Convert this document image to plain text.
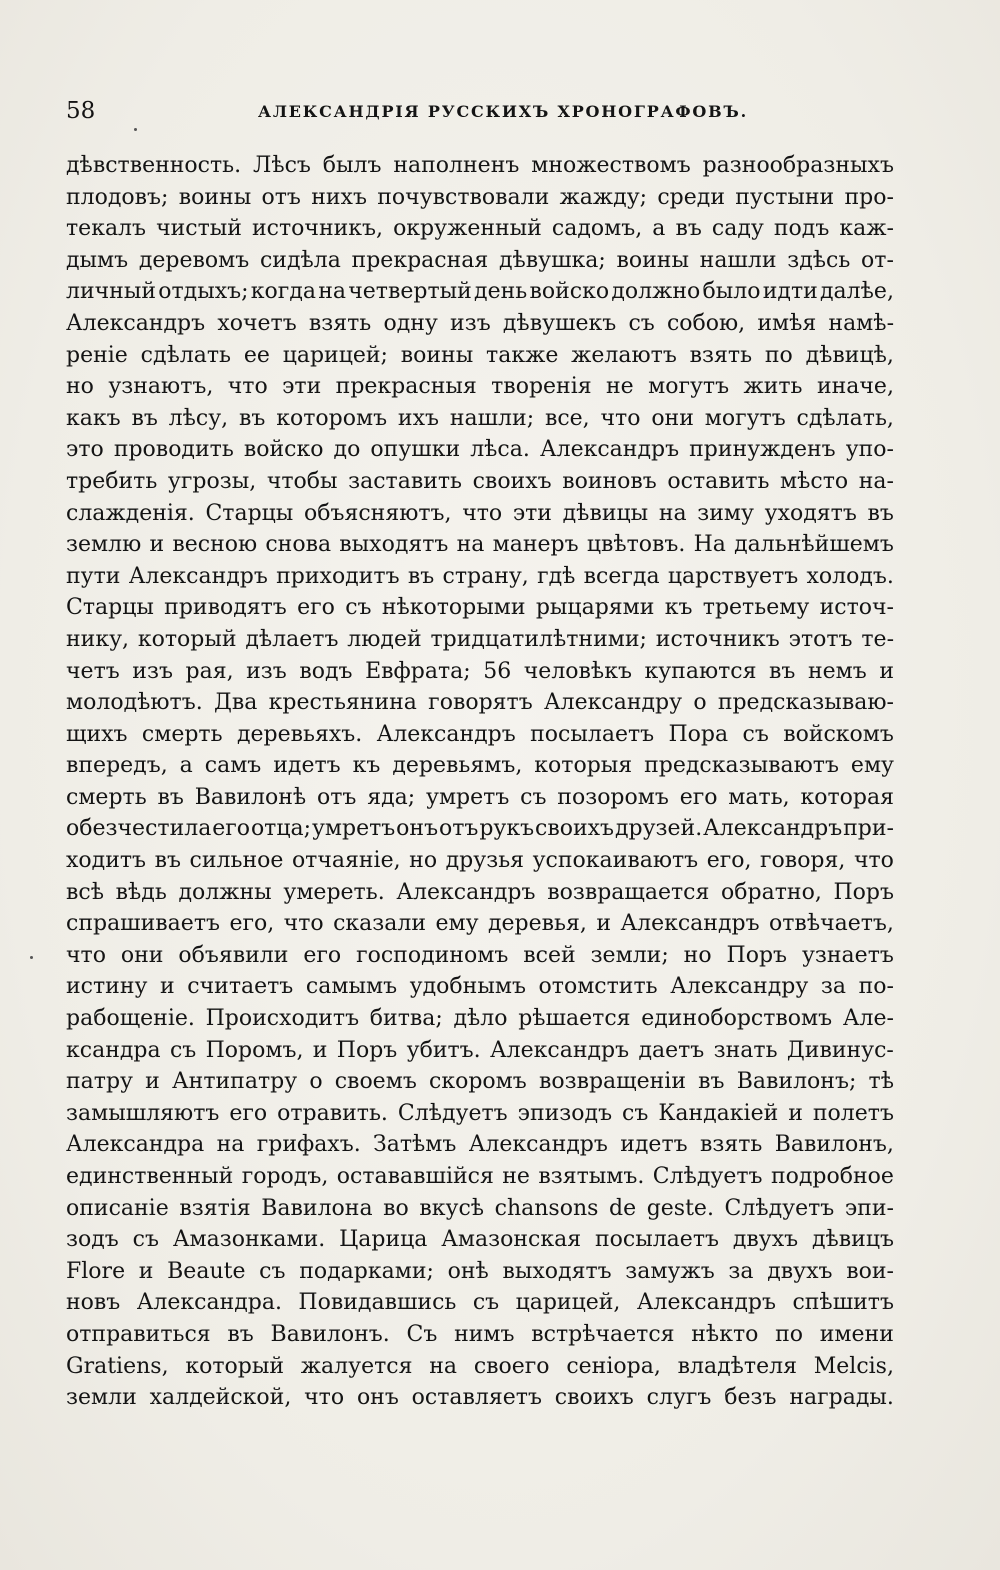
58	АЛЕКСАНДРІЯ РУССКИХЪ ХРОНОГРАФОВЪ.
дѣвственность. Лѣсъ былъ наполненъ множествомъ разнообразныхъ
плодовъ; воины отъ нихъ почувствовали жажду; среди пустыни про-
текалъ чистый источникъ, окруженный садомъ, а въ саду подъ каж-
дымъ деревомъ сидѣла прекрасная дѣвушка; воины нашли здѣсь от-
личный отдыхъ; когда на четвертый день войско должно было идти далѣе,
Александръ хочетъ взять одну изъ дѣвушекъ съ собою, имѣя намѣ-
реніе сдѣлать ее царицей; воины также желаютъ взять по дѣвицѣ,
но узнаютъ, что эти прекрасныя творенія не могутъ жить иначе,
какъ въ лѣсу, въ которомъ ихъ нашли; все, что они могутъ сдѣлать,
это проводить войско до опушки лѣса. Александръ принужденъ упо-
требить угрозы, чтобы заставить своихъ воиновъ оставить мѣсто на-
слажденія. Старцы объясняютъ, что эти дѣвицы на зиму уходятъ въ
землю и весною снова выходятъ на манеръ цвѣтовъ. На дальнѣйшемъ
пути Александръ приходитъ въ страну, гдѣ всегда царствуетъ холодъ.
Старцы приводятъ его съ нѣкоторыми рыцарями къ третьему источ-
нику, который дѣлаетъ людей тридцатилѣтними; источникъ этотъ те-
четъ изъ рая, изъ водъ Евфрата; 56 человѣкъ купаются въ немъ и
молодѣютъ. Два крестьянина говорятъ Александру о предсказываю-
щихъ смерть деревьяхъ. Александръ посылаетъ Пора съ войскомъ
впередъ, а самъ идетъ къ деревьямъ, которыя предсказываютъ ему
смерть въ Вавилонѣ отъ яда; умретъ съ позоромъ его мать, которая
обезчестила его отца; умретъ онъ отъ рукъ своихъ друзей. Александръ при-
ходитъ въ сильное отчаяніе, но друзья успокаиваютъ его, говоря, что
всѣ вѣдь должны умереть. Александръ возвращается обратно, Поръ
спрашиваетъ его, что сказали ему деревья, и Александръ отвѣчаетъ,
что они объявили его господиномъ всей земли; но Поръ узнаетъ
истину и считаетъ самымъ удобнымъ отомстить Александру за по-
рабощеніе. Происходитъ битва; дѣло рѣшается единоборствомъ Але-
ксандра съ Поромъ, и Поръ убитъ. Александръ даетъ знать Дивинус-
патру и Антипатру о своемъ скоромъ возвращеніи въ Вавилонъ; тѣ
замышляютъ его отравить. Слѣдуетъ эпизодъ съ Кандакіей и полетъ
Александра на грифахъ. Затѣмъ Александръ идетъ взять Вавилонъ,
единственный городъ, остававшійся не взятымъ. Слѣдуетъ подробное
описаніе взятія Вавилона во вкусѣ chansons de geste. Слѣдуетъ эпи-
зодъ съ Амазонками. Царица Амазонская посылаетъ двухъ дѣвицъ
Flore и Beaute съ подарками; онѣ выходятъ замужъ за двухъ вои-
новъ Александра. Повидавшись съ царицей, Александръ спѣшитъ
отправиться въ Вавилонъ. Съ нимъ встрѣчается нѣкто по имени
Gratiens, который жалуется на своего сеніора, владѣтеля Melcis,
земли халдейской, что онъ оставляетъ своихъ слугъ безъ награды.
